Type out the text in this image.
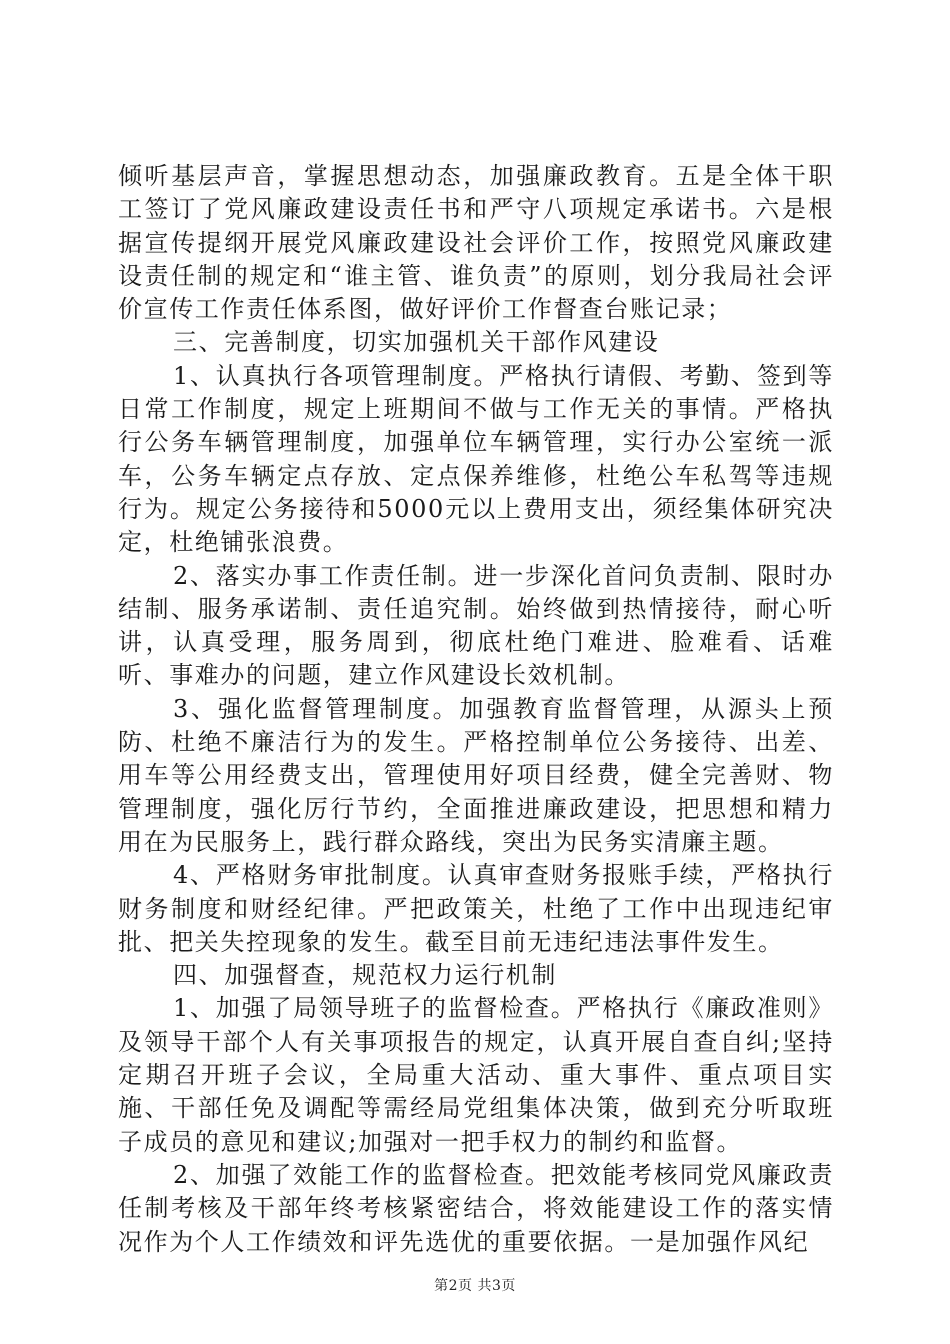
倾听基层声音，掌握思想动态，加强廉政教育。五是全体干职工签订了党风廉政建设责任书和严守八项规定承诺书。六是根据宣传提纲开展党风廉政建设社会评价工作，按照党风廉政建设责任制的规定和“谁主管、谁负责”的原则，划分我局社会评价宣传工作责任体系图，做好评价工作督查台账记录；

三、完善制度，切实加强机关干部作风建设

1、认真执行各项管理制度。严格执行请假、考勤、签到等日常工作制度，规定上班期间不做与工作无关的事情。严格执行公务车辆管理制度，加强单位车辆管理，实行办公室统一派车，公务车辆定点存放、定点保养维修，杜绝公车私驾等违规行为。规定公务接待和5000元以上费用支出，须经集体研究决定，杜绝铺张浪费。

2、落实办事工作责任制。进一步深化首问负责制、限时办结制、服务承诺制、责任追究制。始终做到热情接待，耐心听讲，认真受理，服务周到，彻底杜绝门难进、脸难看、话难听、事难办的问题，建立作风建设长效机制。

3、强化监督管理制度。加强教育监督管理，从源头上预防、杜绝不廉洁行为的发生。严格控制单位公务接待、出差、用车等公用经费支出，管理使用好项目经费，健全完善财、物管理制度，强化厉行节约，全面推进廉政建设，把思想和精力用在为民服务上，践行群众路线，突出为民务实清廉主题。

4、严格财务审批制度。认真审查财务报账手续，严格执行财务制度和财经纪律。严把政策关，杜绝了工作中出现违纪审批、把关失控现象的发生。截至目前无违纪违法事件发生。

四、加强督查，规范权力运行机制

1、加强了局领导班子的监督检查。严格执行《廉政准则》及领导干部个人有关事项报告的规定，认真开展自查自纠;坚持定期召开班子会议，全局重大活动、重大事件、重点项目实施、干部任免及调配等需经局党组集体决策，做到充分听取班子成员的意见和建议;加强对一把手权力的制约和监督。

2、加强了效能工作的监督检查。把效能考核同党风廉政责任制考核及干部年终考核紧密结合，将效能建设工作的落实情况作为个人工作绩效和评先选优的重要依据。一是加强作风纪

第2页 共3页
